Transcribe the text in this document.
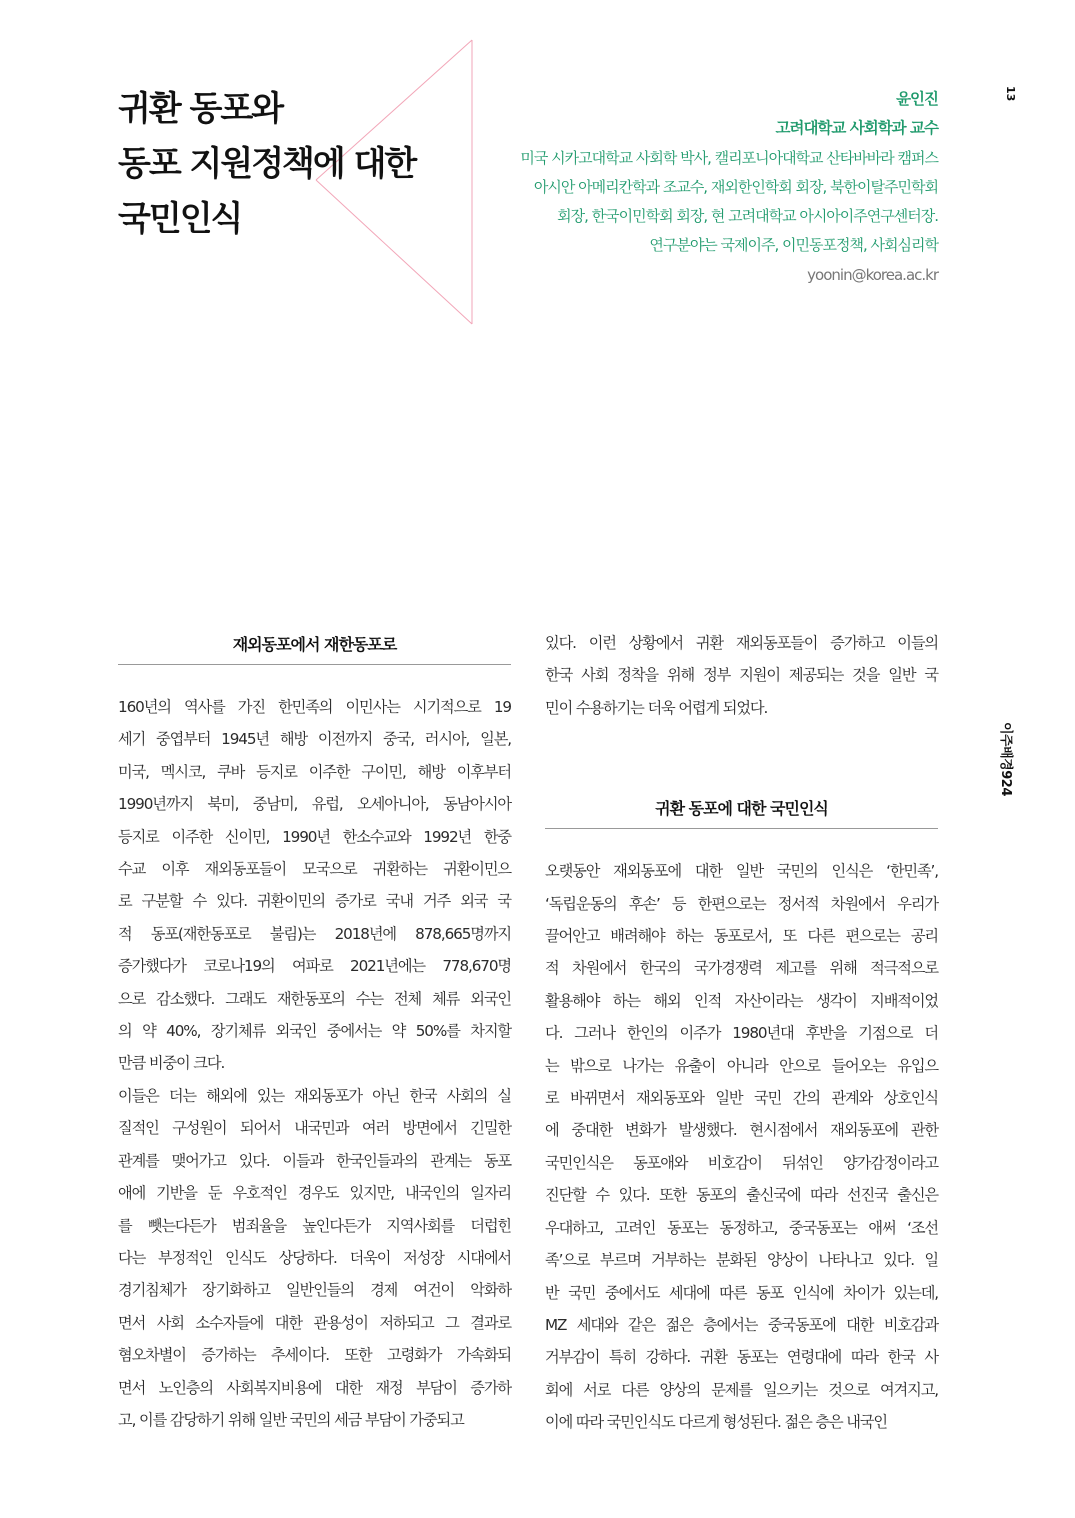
귀환 동포와
동포 지원정책에 대한
국민인식
윤인진
고려대학교 사회학과 교수
미국 시카고대학교 사회학 박사, 캘리포니아대학교 산타바바라 캠퍼스
아시안 아메리칸학과 조교수, 재외한인학회 회장, 북한이탈주민학회
회장, 한국이민학회 회장, 현 고려대학교 아시아이주연구센터장.
연구분야는 국제이주, 이민동포정책, 사회심리학
yoonin@korea.ac.kr
13
이주배경924
재외동포에서 재한동포로

160년의 역사를 가진 한민족의 이민사는 시기적으로 19
세기 중엽부터 1945년 해방 이전까지 중국, 러시아, 일본,
미국, 멕시코, 쿠바 등지로 이주한 구이민, 해방 이후부터
1990년까지 북미, 중남미, 유럽, 오세아니아, 동남아시아
등지로 이주한 신이민, 1990년 한소수교와 1992년 한중
수교 이후 재외동포들이 모국으로 귀환하는 귀환이민으
로 구분할 수 있다. 귀환이민의 증가로 국내 거주 외국 국
적 동포(재한동포로 불림)는 2018년에 878,665명까지
증가했다가 코로나19의 여파로 2021년에는 778,670명
으로 감소했다. 그래도 재한동포의 수는 전체 체류 외국인
의 약 40%, 장기체류 외국인 중에서는 약 50%를 차지할
만큼 비중이 크다.

이들은 더는 해외에 있는 재외동포가 아닌 한국 사회의 실
질적인 구성원이 되어서 내국민과 여러 방면에서 긴밀한
관계를 맺어가고 있다. 이들과 한국인들과의 관계는 동포
애에 기반을 둔 우호적인 경우도 있지만, 내국인의 일자리
를 뺏는다든가 범죄율을 높인다든가 지역사회를 더럽힌
다는 부정적인 인식도 상당하다. 더욱이 저성장 시대에서
경기침체가 장기화하고 일반인들의 경제 여건이 악화하
면서 사회 소수자들에 대한 관용성이 저하되고 그 결과로
혐오차별이 증가하는 추세이다. 또한 고령화가 가속화되
면서 노인층의 사회복지비용에 대한 재정 부담이 증가하
고, 이를 감당하기 위해 일반 국민의 세금 부담이 가중되고

있다. 이런 상황에서 귀환 재외동포들이 증가하고 이들의
한국 사회 정착을 위해 정부 지원이 제공되는 것을 일반 국
민이 수용하기는 더욱 어렵게 되었다.

귀환 동포에 대한 국민인식

오랫동안 재외동포에 대한 일반 국민의 인식은 ‘한민족’,
‘독립운동의 후손’ 등 한편으로는 정서적 차원에서 우리가
끌어안고 배려해야 하는 동포로서, 또 다른 편으로는 공리
적 차원에서 한국의 국가경쟁력 제고를 위해 적극적으로
활용해야 하는 해외 인적 자산이라는 생각이 지배적이었
다. 그러나 한인의 이주가 1980년대 후반을 기점으로 더
는 밖으로 나가는 유출이 아니라 안으로 들어오는 유입으
로 바뀌면서 재외동포와 일반 국민 간의 관계와 상호인식
에 중대한 변화가 발생했다. 현시점에서 재외동포에 관한
국민인식은 동포애와 비호감이 뒤섞인 양가감정이라고
진단할 수 있다. 또한 동포의 출신국에 따라 선진국 출신은
우대하고, 고려인 동포는 동정하고, 중국동포는 애써 ‘조선
족’으로 부르며 거부하는 분화된 양상이 나타나고 있다. 일
반 국민 중에서도 세대에 따른 동포 인식에 차이가 있는데,
MZ 세대와 같은 젊은 층에서는 중국동포에 대한 비호감과
거부감이 특히 강하다. 귀환 동포는 연령대에 따라 한국 사
회에 서로 다른 양상의 문제를 일으키는 것으로 여겨지고,
이에 따라 국민인식도 다르게 형성된다. 젊은 층은 내국인
